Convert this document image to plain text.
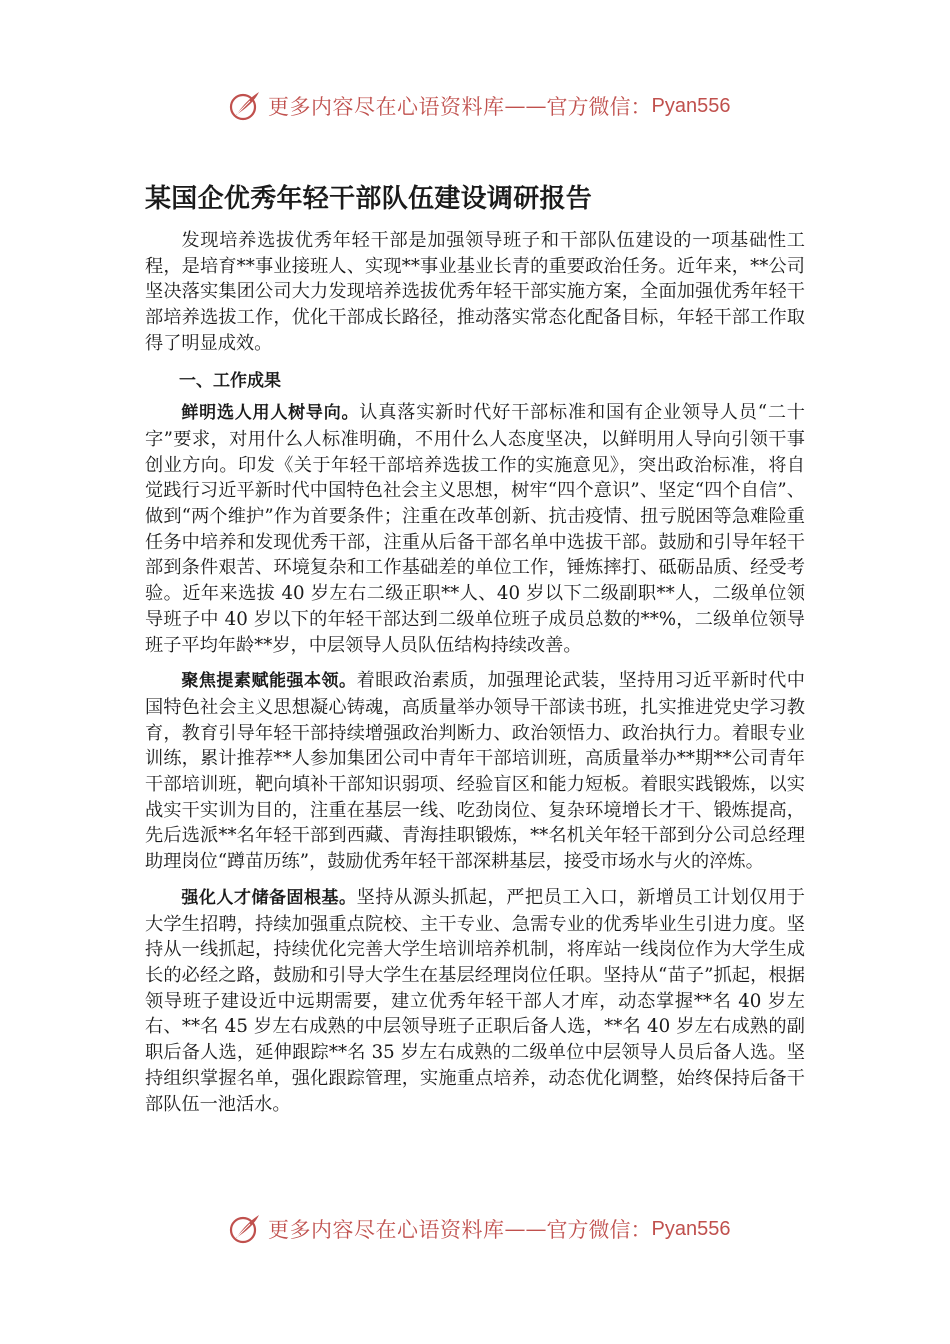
更多内容尽在心语资料库 —— 官方微信： Pyan556
某国企优秀年轻干部队伍建设调研报告

发现培养选拔优秀年轻干部是加强领导班子和干部队伍建设的一项基础性工程，是培育**事业接班人、实现**事业基业长青的重要政治任务。近年来，**公司坚决落实集团公司大力发现培养选拔优秀年轻干部实施方案，全面加强优秀年轻干部培养选拔工作，优化干部成长路径，推动落实常态化配备目标，年轻干部工作取得了明显成效。

一、工作成果

鲜明选人用人树导向。认真落实新时代好干部标准和国有企业领导人员“二十字”要求，对用什么人标准明确，不用什么人态度坚决，以鲜明用人导向引领干事创业方向。印发《关于年轻干部培养选拔工作的实施意见》，突出政治标准，将自觉践行习近平新时代中国特色社会主义思想，树牢“四个意识”、坚定“四个自信”、做到“两个维护”作为首要条件；注重在改革创新、抗击疫情、扭亏脱困等急难险重任务中培养和发现优秀干部，注重从后备干部名单中选拔干部。鼓励和引导年轻干部到条件艰苦、环境复杂和工作基础差的单位工作，锤炼摔打、砥砺品质、经受考验。近年来选拔 40 岁左右二级正职**人、40 岁以下二级副职**人，二级单位领导班子中 40 岁以下的年轻干部达到二级单位班子成员总数的**%，二级单位领导班子平均年龄**岁，中层领导人员队伍结构持续改善。

聚焦提素赋能强本领。着眼政治素质，加强理论武装，坚持用习近平新时代中国特色社会主义思想凝心铸魂，高质量举办领导干部读书班，扎实推进党史学习教育，教育引导年轻干部持续增强政治判断力、政治领悟力、政治执行力。着眼专业训练，累计推荐**人参加集团公司中青年干部培训班，高质量举办**期**公司青年干部培训班，靶向填补干部知识弱项、经验盲区和能力短板。着眼实践锻炼，以实战实干实训为目的，注重在基层一线、吃劲岗位、复杂环境增长才干、锻炼提高，先后选派**名年轻干部到西藏、青海挂职锻炼，**名机关年轻干部到分公司总经理助理岗位“蹲苗历练”，鼓励优秀年轻干部深耕基层，接受市场水与火的淬炼。

强化人才储备固根基。坚持从源头抓起，严把员工入口，新增员工计划仅用于大学生招聘，持续加强重点院校、主干专业、急需专业的优秀毕业生引进力度。坚持从一线抓起，持续优化完善大学生培训培养机制，将库站一线岗位作为大学生成长的必经之路，鼓励和引导大学生在基层经理岗位任职。坚持从“苗子”抓起，根据领导班子建设近中远期需要，建立优秀年轻干部人才库，动态掌握**名 40 岁左右、**名 45 岁左右成熟的中层领导班子正职后备人选，**名 40 岁左右成熟的副职后备人选，延伸跟踪**名 35 岁左右成熟的二级单位中层领导人员后备人选。坚持组织掌握名单，强化跟踪管理，实施重点培养，动态优化调整，始终保持后备干部队伍一池活水。

更多内容尽在心语资料库 —— 官方微信： Pyan556
